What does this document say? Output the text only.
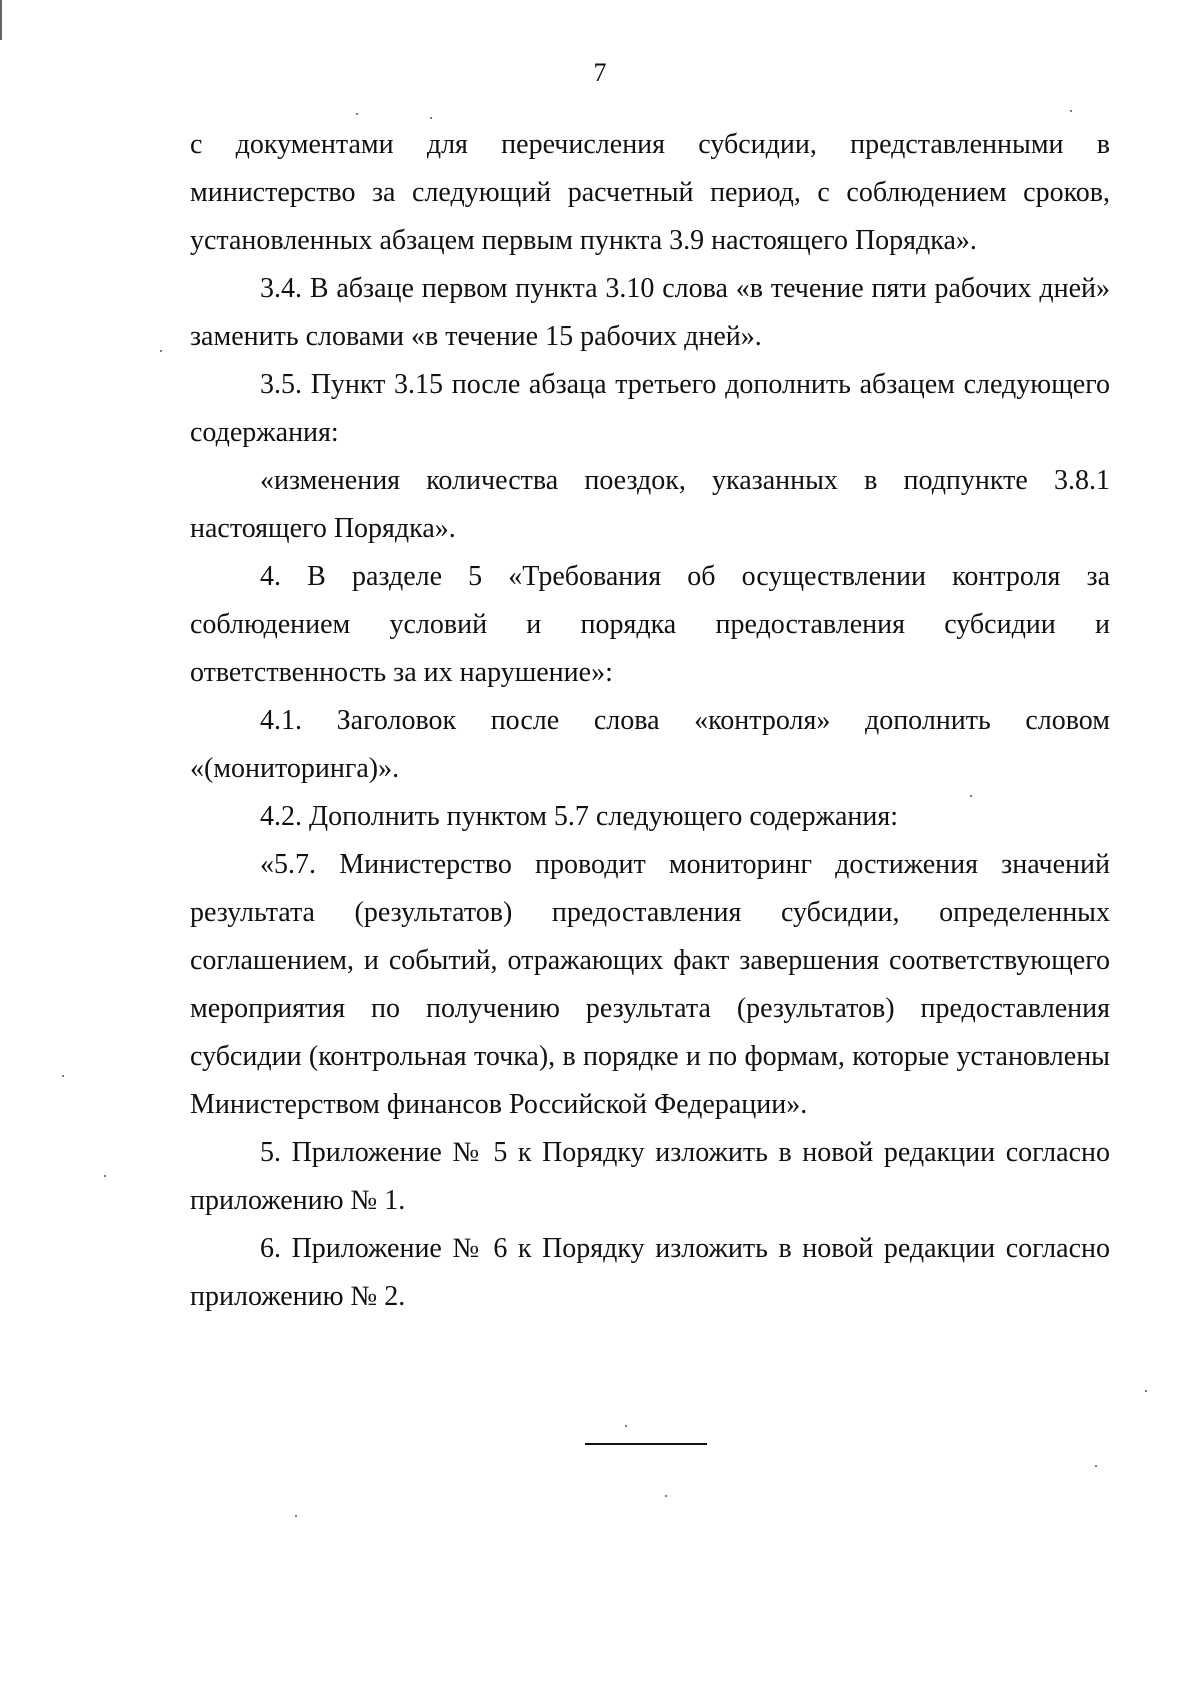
7

с документами для перечисления субсидии, представленными в министерство за следующий расчетный период, с соблюдением сроков, установленных абзацем первым пункта 3.9 настоящего Порядка».

3.4. В абзаце первом пункта 3.10 слова «в течение пяти рабочих дней» заменить словами «в течение 15 рабочих дней».

3.5. Пункт 3.15 после абзаца третьего дополнить абзацем следующего содержания:

«изменения количества поездок, указанных в подпункте 3.8.1 настоящего Порядка».

4. В разделе 5 «Требования об осуществлении контроля за соблюдением условий и порядка предоставления субсидии и ответственность за их нарушение»:

4.1. Заголовок после слова «контроля» дополнить словом «(мониторинга)».

4.2. Дополнить пунктом 5.7 следующего содержания:

«5.7. Министерство проводит мониторинг достижения значений результата (результатов) предоставления субсидии, определенных соглашением, и событий, отражающих факт завершения соответствующего мероприятия по получению результата (результатов) предоставления субсидии (контрольная точка), в порядке и по формам, которые установлены Министерством финансов Российской Федерации».

5. Приложение № 5 к Порядку изложить в новой редакции согласно приложению № 1.

6. Приложение № 6 к Порядку изложить в новой редакции согласно приложению № 2.
